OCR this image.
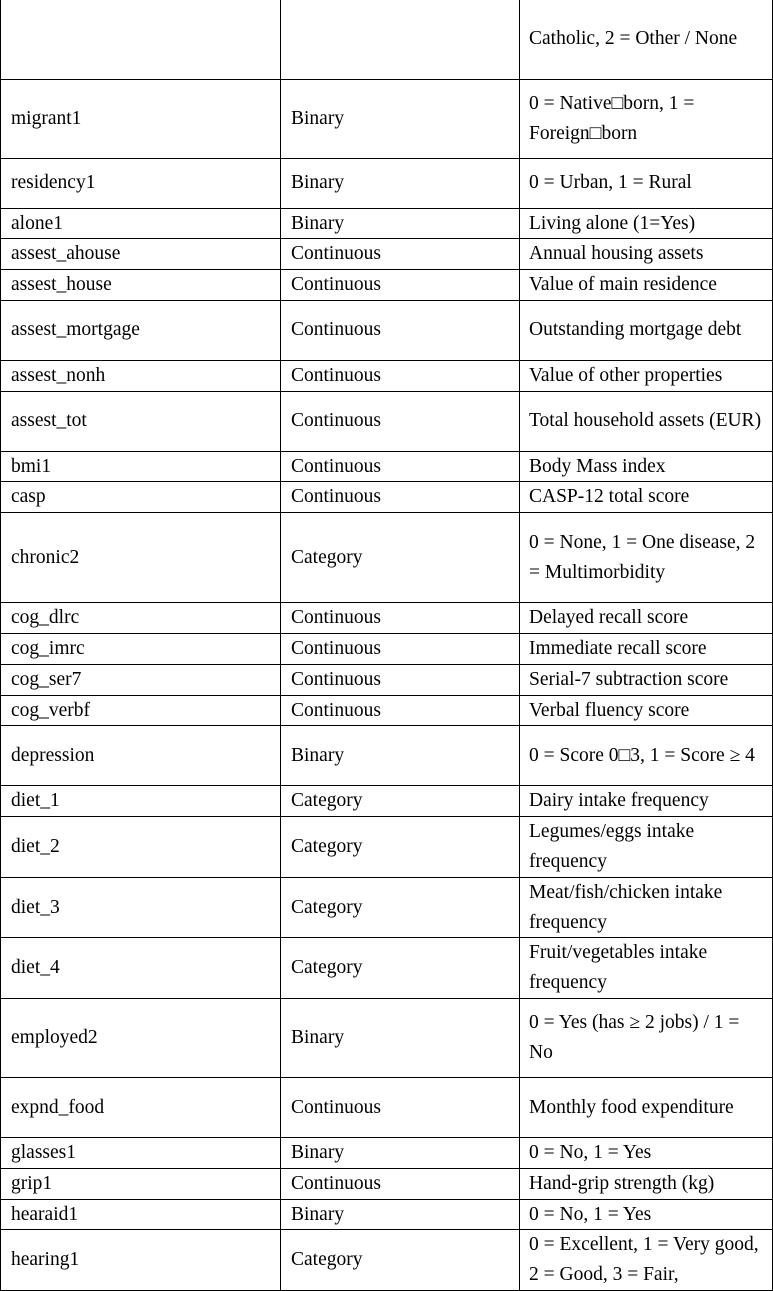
		Catholic, 2 = Other / None
migrant1	Binary	0 = Native□born, 1 = Foreign□born
residency1	Binary	0 = Urban, 1 = Rural
alone1	Binary	Living alone (1=Yes)
assest_ahouse	Continuous	Annual housing assets
assest_house	Continuous	Value of main residence
assest_mortgage	Continuous	Outstanding mortgage debt
assest_nonh	Continuous	Value of other properties
assest_tot	Continuous	Total household assets (EUR)
bmi1	Continuous	Body Mass index
casp	Continuous	CASP-12 total score
chronic2	Category	0 = None, 1 = One disease, 2 = Multimorbidity
cog_dlrc	Continuous	Delayed recall score
cog_imrc	Continuous	Immediate recall score
cog_ser7	Continuous	Serial-7 subtraction score
cog_verbf	Continuous	Verbal fluency score
depression	Binary	0 = Score 0□3, 1 = Score ≥ 4
diet_1	Category	Dairy intake frequency
diet_2	Category	Legumes/eggs intake frequency
diet_3	Category	Meat/fish/chicken intake frequency
diet_4	Category	Fruit/vegetables intake frequency
employed2	Binary	0 = Yes (has ≥ 2 jobs) / 1 = No
expnd_food	Continuous	Monthly food expenditure
glasses1	Binary	0 = No, 1 = Yes
grip1	Continuous	Hand-grip strength (kg)
hearaid1	Binary	0 = No, 1 = Yes
hearing1	Category	0 = Excellent, 1 = Very good, 2 = Good, 3 = Fair,
